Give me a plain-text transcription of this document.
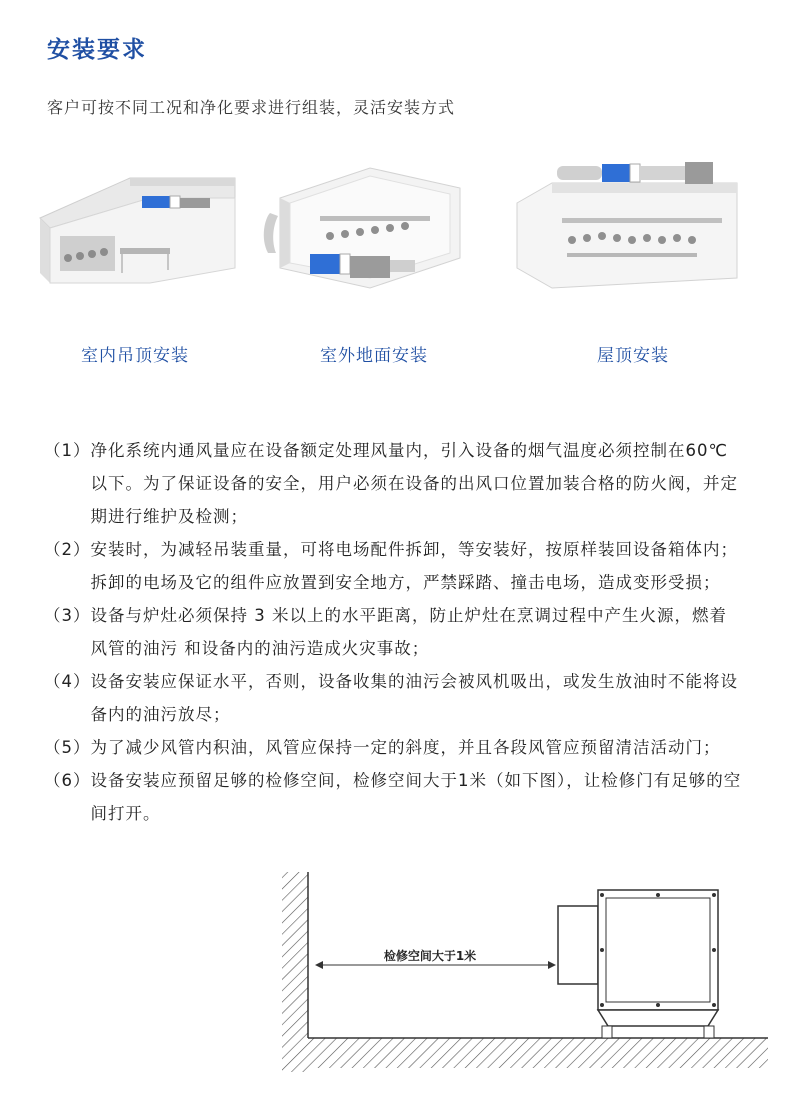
安装要求
客户可按不同工况和净化要求进行组装，灵活安装方式
室内吊顶安装	室外地面安装	屋顶安装
（1） 净化系统内通风量应在设备额定处理风量内，引入设备的烟气温度必须控制在60℃以下。为了保证设备的安全，用户必须在设备的出风口位置加装合格的防火阀，并定期进行维护及检测；
（2） 安装时，为减轻吊装重量，可将电场配件拆卸，等安装好，按原样装回设备箱体内；拆卸的电场及它的组件应放置到安全地方，严禁踩踏、撞击电场，造成变形受损；
（3） 设备与炉灶必须保持 3 米以上的水平距离，防止炉灶在烹调过程中产生火源，燃着风管的油污 和设备内的油污造成火灾事故；
（4） 设备安装应保证水平，否则，设备收集的油污会被风机吸出，或发生放油时不能将设备内的油污放尽；
（5） 为了减少风管内积油，风管应保持一定的斜度，并且各段风管应预留清洁活动门；
（6） 设备安装应预留足够的检修空间，检修空间大于1米（如下图），让检修门有足够的空间打开。
检修空间大于1米
